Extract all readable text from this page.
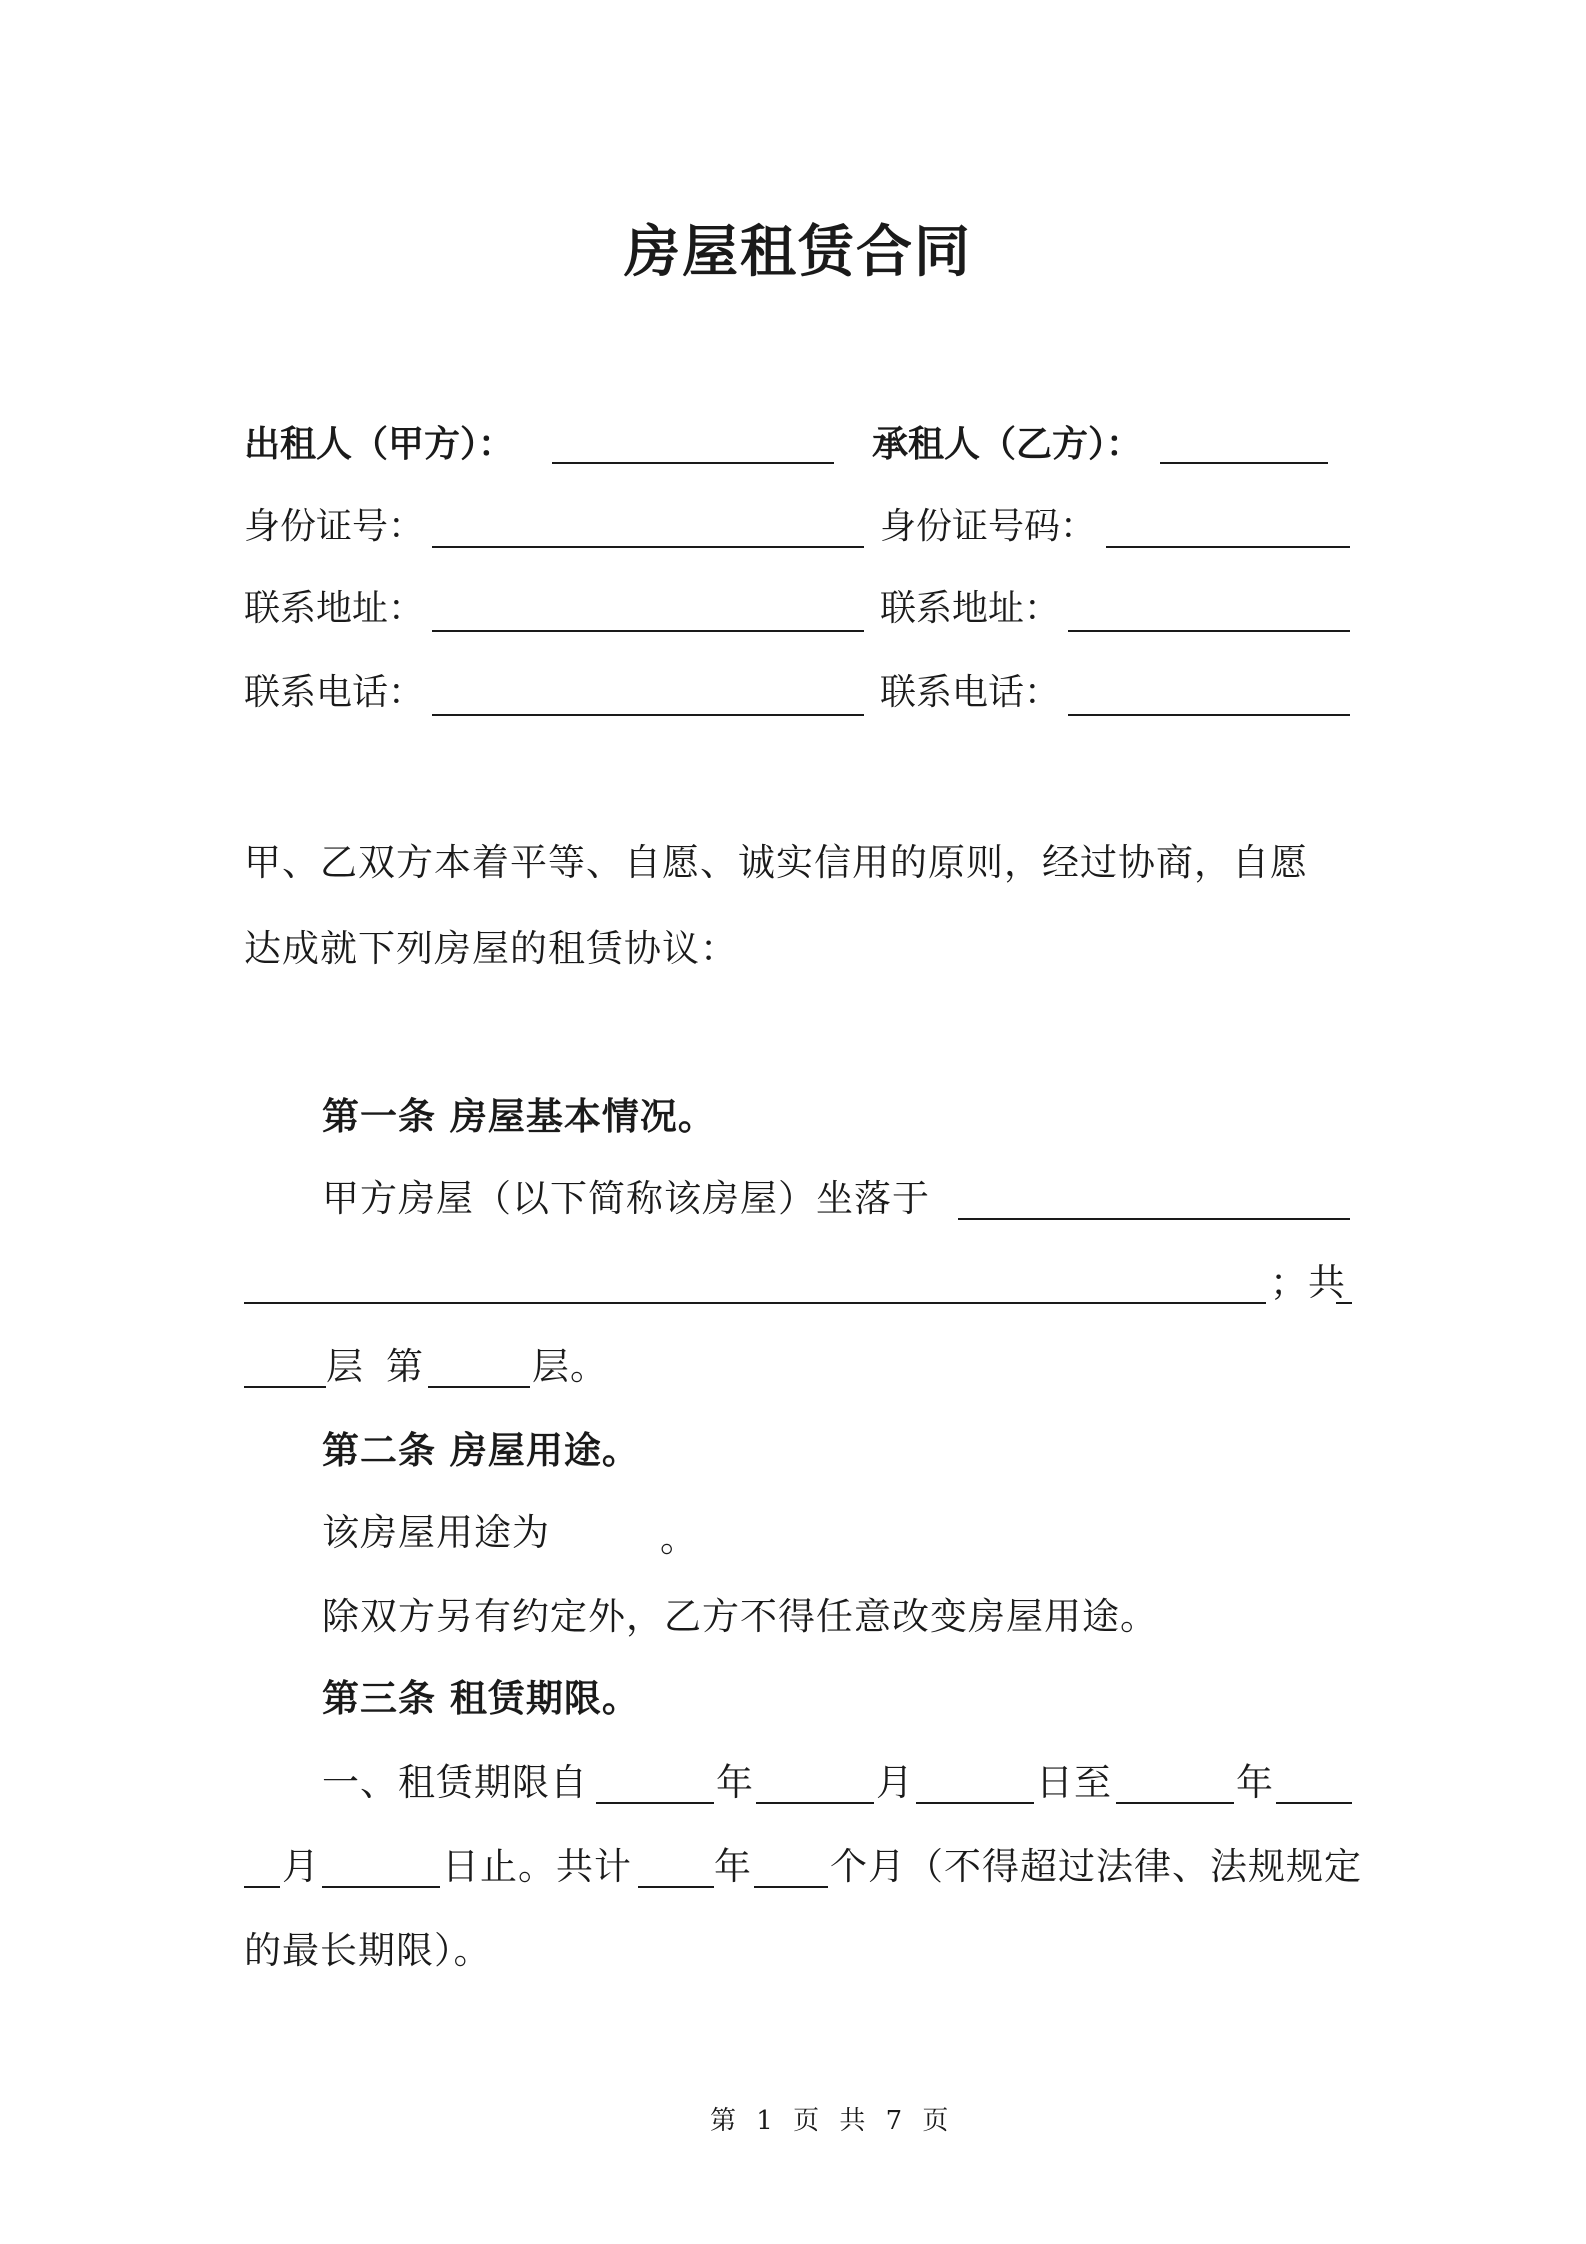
房屋租赁合同
出租人（甲方）：	承租人（乙方）：
身份证号：	身份证号码：
联系地址：	联系地址：
联系电话：	联系电话：
甲、乙双方本着平等、自愿、诚实信用的原则，经过协商，自愿
达成就下列房屋的租赁协议：
第一条 房屋基本情况。
甲方房屋（以下简称该房屋）坐落于
；共
层 第	层。
第二条 房屋用途。
该房屋用途为	。
除双方另有约定外，乙方不得任意改变房屋用途。
第三条 租赁期限。
一、租赁期限自	年	月	日至	年
月	日止。共计 年 个月（不得超过法律、法规规定
的最长期限）。
第 1 页 共 7 页
